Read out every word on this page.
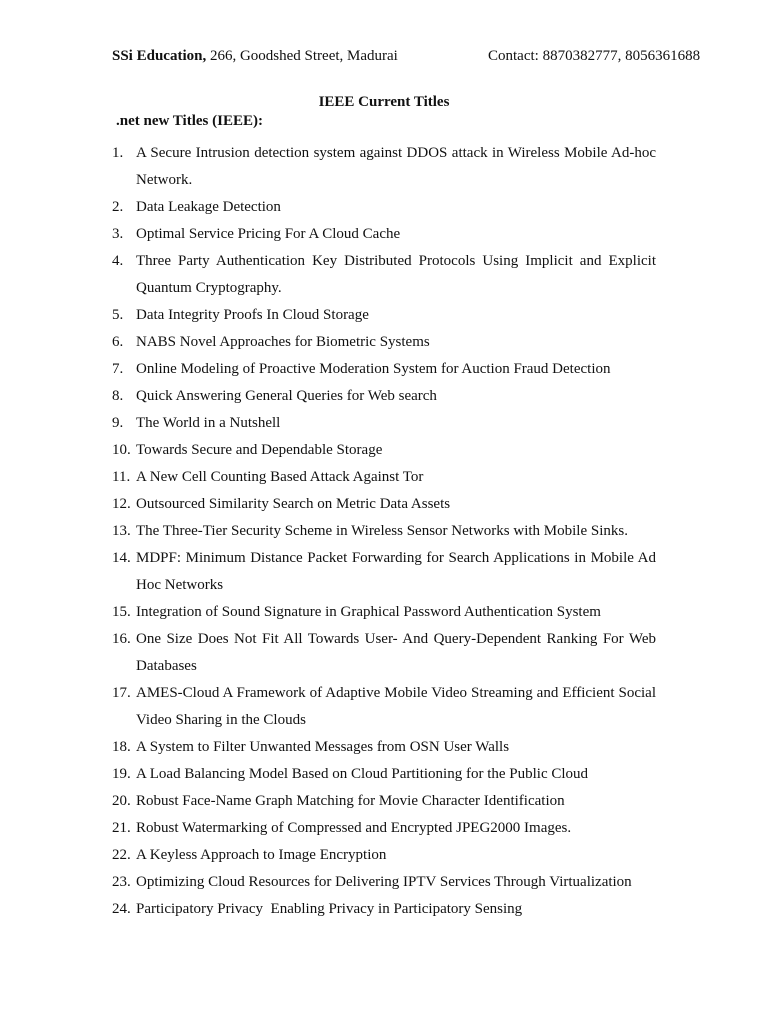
SSi Education, 266, Goodshed Street, Madurai	Contact: 8870382777, 8056361688
IEEE Current Titles
.net new Titles (IEEE):
1. A Secure Intrusion detection system against DDOS attack in Wireless Mobile Ad-hoc Network.
2. Data Leakage Detection
3. Optimal Service Pricing For A Cloud Cache
4. Three Party Authentication Key Distributed Protocols Using Implicit and Explicit Quantum Cryptography.
5. Data Integrity Proofs In Cloud Storage
6. NABS Novel Approaches for Biometric Systems
7. Online Modeling of Proactive Moderation System for Auction Fraud Detection
8. Quick Answering General Queries for Web search
9. The World in a Nutshell
10. Towards Secure and Dependable Storage
11. A New Cell Counting Based Attack Against Tor
12. Outsourced Similarity Search on Metric Data Assets
13. The Three-Tier Security Scheme in Wireless Sensor Networks with Mobile Sinks.
14. MDPF: Minimum Distance Packet Forwarding for Search Applications in Mobile Ad Hoc Networks
15. Integration of Sound Signature in Graphical Password Authentication System
16. One Size Does Not Fit All Towards User- And Query-Dependent Ranking For Web Databases
17. AMES-Cloud A Framework of Adaptive Mobile Video Streaming and Efficient Social Video Sharing in the Clouds
18. A System to Filter Unwanted Messages from OSN User Walls
19. A Load Balancing Model Based on Cloud Partitioning for the Public Cloud
20. Robust Face-Name Graph Matching for Movie Character Identification
21. Robust Watermarking of Compressed and Encrypted JPEG2000 Images.
22. A Keyless Approach to Image Encryption
23. Optimizing Cloud Resources for Delivering IPTV Services Through Virtualization
24. Participatory Privacy  Enabling Privacy in Participatory Sensing
